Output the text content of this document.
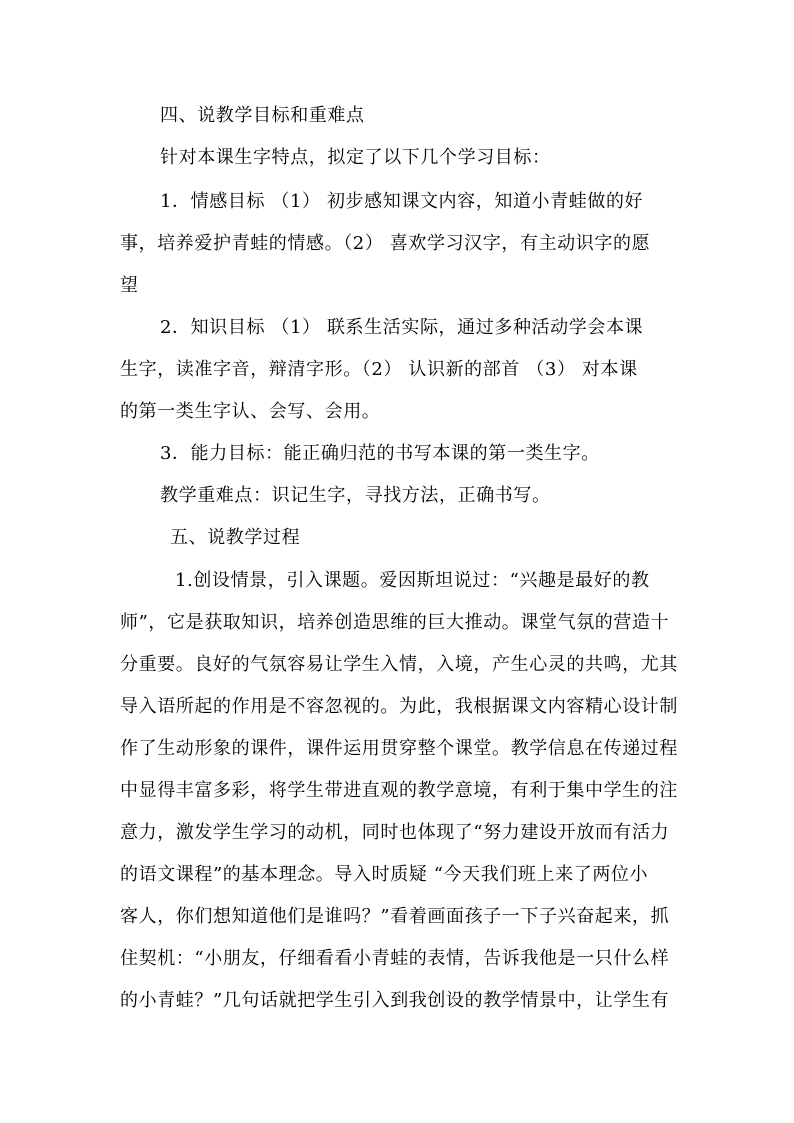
四、说教学目标和重难点
针对本课生字特点，拟定了以下几个学习目标：
1．情感目标 （1） 初步感知课文内容，知道小青蛙做的好
事，培养爱护青蛙的情感。（2） 喜欢学习汉字，有主动识字的愿
望
2．知识目标 （1） 联系生活实际，通过多种活动学会本课
生字，读准字音，辩清字形。（2） 认识新的部首 （3） 对本课
的第一类生字认、会写、会用。
3．能力目标：能正确归范的书写本课的第一类生字。
教学重难点：识记生字，寻找方法，正确书写。
五、说教学过程
1.创设情景，引入课题。爱因斯坦说过：“兴趣是最好的教
师”，它是获取知识，培养创造思维的巨大推动。课堂气氛的营造十
分重要。良好的气氛容易让学生入情，入境，产生心灵的共鸣，尤其
导入语所起的作用是不容忽视的。为此，我根据课文内容精心设计制
作了生动形象的课件，课件运用贯穿整个课堂。教学信息在传递过程
中显得丰富多彩，将学生带进直观的教学意境，有利于集中学生的注
意力，激发学生学习的动机，同时也体现了“努力建设开放而有活力
的语文课程”的基本理念。导入时质疑 “今天我们班上来了两位小
客人，你们想知道他们是谁吗？”看着画面孩子一下子兴奋起来，抓
住契机：“小朋友，仔细看看小青蛙的表情，告诉我他是一只什么样
的小青蛙？”几句话就把学生引入到我创设的教学情景中，让学生有
